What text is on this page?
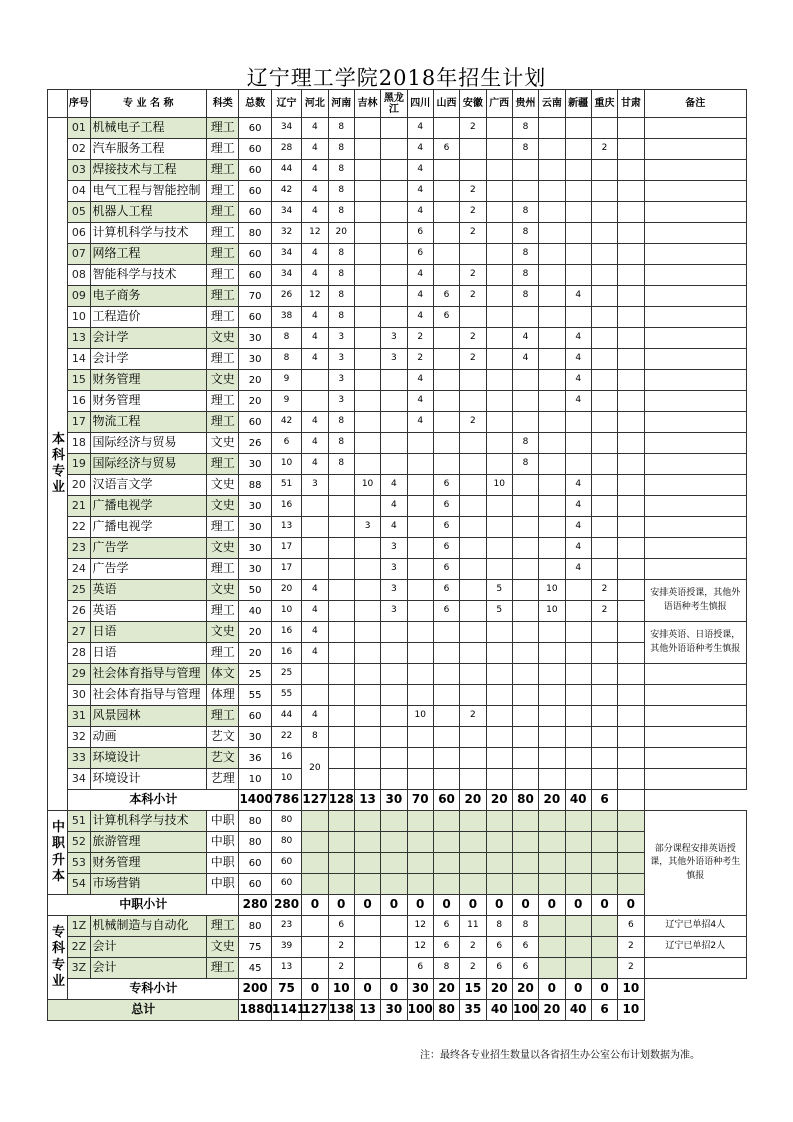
辽宁理工学院2018年招生计划
	序号	专 业 名 称	科类	总数	辽宁	河北	河南	吉林	黑龙江	四川	山西	安徽	广西	贵州	云南	新疆	重庆	甘肃	备注
本科专业	01	机械电子工程	理工	60	34	4	8			4		2		8					
	02	汽车服务工程	理工	60	28	4	8			4	6			8			2		
	03	焊接技术与工程	理工	60	44	4	8			4									
	04	电气工程与智能控制	理工	60	42	4	8			4		2							
	05	机器人工程	理工	60	34	4	8			4		2		8					
	06	计算机科学与技术	理工	80	32	12	20			6		2		8					
	07	网络工程	理工	60	34	4	8			6				8					
	08	智能科学与技术	理工	60	34	4	8			4		2		8					
	09	电子商务	理工	70	26	12	8			4	6	2		8		4			
	10	工程造价	理工	60	38	4	8			4	6								
	13	会计学	文史	30	8	4	3		3	2		2		4		4			
	14	会计学	理工	30	8	4	3		3	2		2		4		4			
	15	财务管理	文史	20	9		3			4						4			
	16	财务管理	理工	20	9		3			4						4			
	17	物流工程	理工	60	42	4	8			4		2							
	18	国际经济与贸易	文史	26	6	4	8							8					
	19	国际经济与贸易	理工	30	10	4	8							8					
	20	汉语言文学	文史	88	51	3		10	4		6		10			4			
	21	广播电视学	文史	30	16				4		6					4			
	22	广播电视学	理工	30	13			3	4		6					4			
	23	广告学	文史	30	17				3		6					4			
	24	广告学	理工	30	17				3		6					4			
	25	英语	文史	50	20	4			3		6		5		10		2		安排英语授课，其他外语语种考生慎报
	26	英语	理工	40	10	4			3		6		5		10		2		
	27	日语	文史	20	16	4													安排英语、日语授课，其他外语语种考生慎报
	28	日语	理工	20	16	4													
	29	社会体育指导与管理	体文	25	25														
	30	社会体育指导与管理	体理	55	55														
	31	风景园林	理工	60	44	4				10		2							
	32	动画	艺文	30	22	8													
	33	环境设计	艺文	36	16	20													
	34	环境设计	艺理	10	10														
	本科小计			1400	786	127	128	13	30	70	60	20	20	80	20	40	6		
中职升本	51	计算机科学与技术	中职	80	80														部分课程安排英语授课，其他外语语种考生慎报
	52	旅游管理	中职	80	80														
	53	财务管理	中职	60	60														
	54	市场营销	中职	60	60														
中职小计				280	280	0	0	0	0	0	0	0	0	0	0	0	0	0	
专科专业	1Z	机械制造与自动化	理工	80	23		6			12	6	11	8	8				6	辽宁已单招4人
	2Z	会计	文史	75	39		2			12	6	2	6	6				2	辽宁已单招2人
	3Z	会计	理工	45	13		2			6	8	2	6	6				2	
	专科小计			200	75	0	10	0	0	30	20	15	20	20	0	0	0	10	
总计				1880	1141	127	138	13	30	100	80	35	40	100	20	40	6	10	
注：最终各专业招生数量以各省招生办公室公布计划数据为准。
